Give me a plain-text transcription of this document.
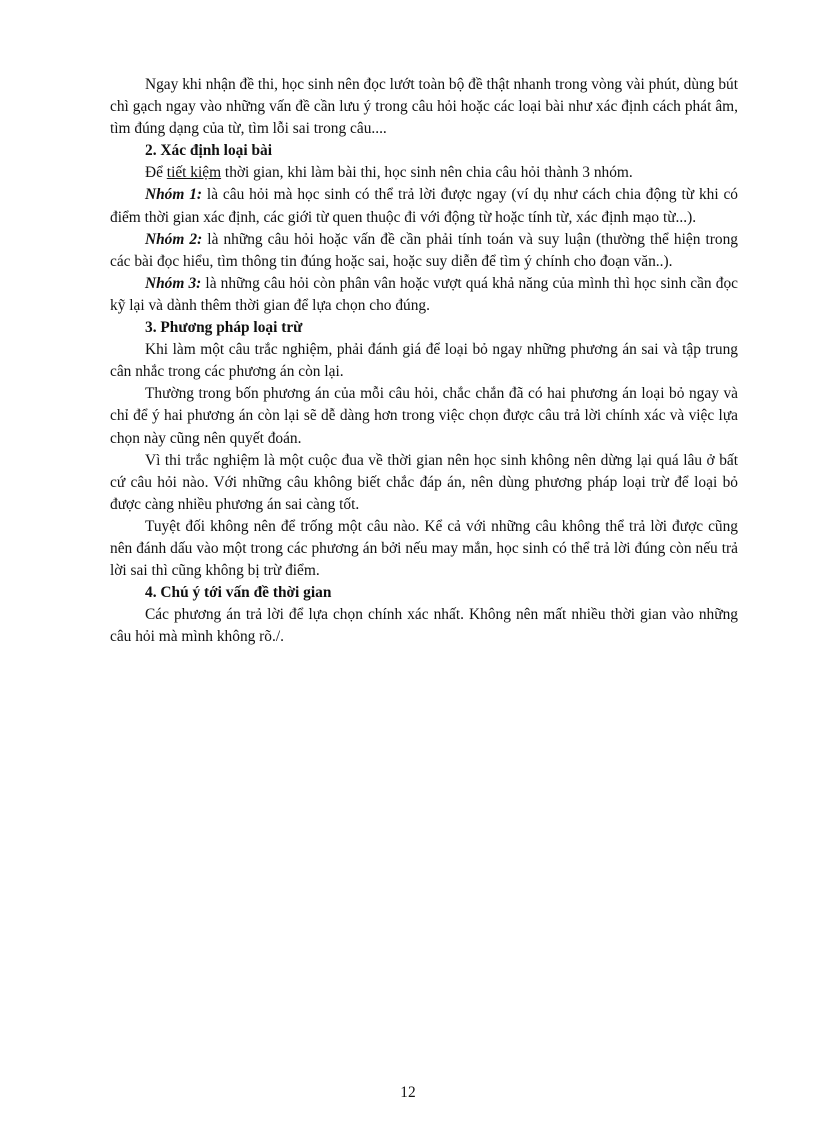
Ngay khi nhận đề thi, học sinh nên đọc lướt toàn bộ đề thật nhanh trong vòng vài phút, dùng bút chì gạch ngay vào những vấn đề cần lưu ý trong câu hỏi hoặc các loại bài như xác định cách phát âm, tìm đúng dạng của từ, tìm lỗi sai trong câu....

2. Xác định loại bài

Để tiết kiệm thời gian, khi làm bài thi, học sinh nên chia câu hỏi thành 3 nhóm.

Nhóm 1: là câu hỏi mà học sinh có thể trả lời được ngay (ví dụ như cách chia động từ khi có điểm thời gian xác định, các giới từ quen thuộc đi với động từ hoặc tính từ, xác định mạo từ...).

Nhóm 2: là những câu hỏi hoặc vấn đề cần phải tính toán và suy luận (thường thể hiện trong các bài đọc hiểu, tìm thông tin đúng hoặc sai, hoặc suy diễn để tìm ý chính cho đoạn văn..).

Nhóm 3: là những câu hỏi còn phân vân hoặc vượt quá khả năng của mình thì học sinh cần đọc kỹ lại và dành thêm thời gian để lựa chọn cho đúng.

3. Phương pháp loại trừ

Khi làm một câu trắc nghiệm, phải đánh giá để loại bỏ ngay những phương án sai và tập trung cân nhắc trong các phương án còn lại.

Thường trong bốn phương án của mỗi câu hỏi, chắc chắn đã có hai phương án loại bỏ ngay và chỉ để ý hai phương án còn lại sẽ dễ dàng hơn trong việc chọn được câu trả lời chính xác và việc lựa chọn này cũng nên quyết đoán.

Vì thi trắc nghiệm là một cuộc đua về thời gian nên học sinh không nên dừng lại quá lâu ở bất cứ câu hỏi nào. Với những câu không biết chắc đáp án, nên dùng phương pháp loại trừ để loại bỏ được càng nhiều phương án sai càng tốt.

Tuyệt đối không nên để trống một câu nào. Kể cả với những câu không thể trả lời được cũng nên đánh dấu vào một trong các phương án bởi nếu may mắn, học sinh có thể trả lời đúng còn nếu trả lời sai thì cũng không bị trừ điểm.

4. Chú ý tới vấn đề thời gian

Các phương án trả lời để lựa chọn chính xác nhất. Không nên mất nhiều thời gian vào những câu hỏi mà mình không rõ./.

12
